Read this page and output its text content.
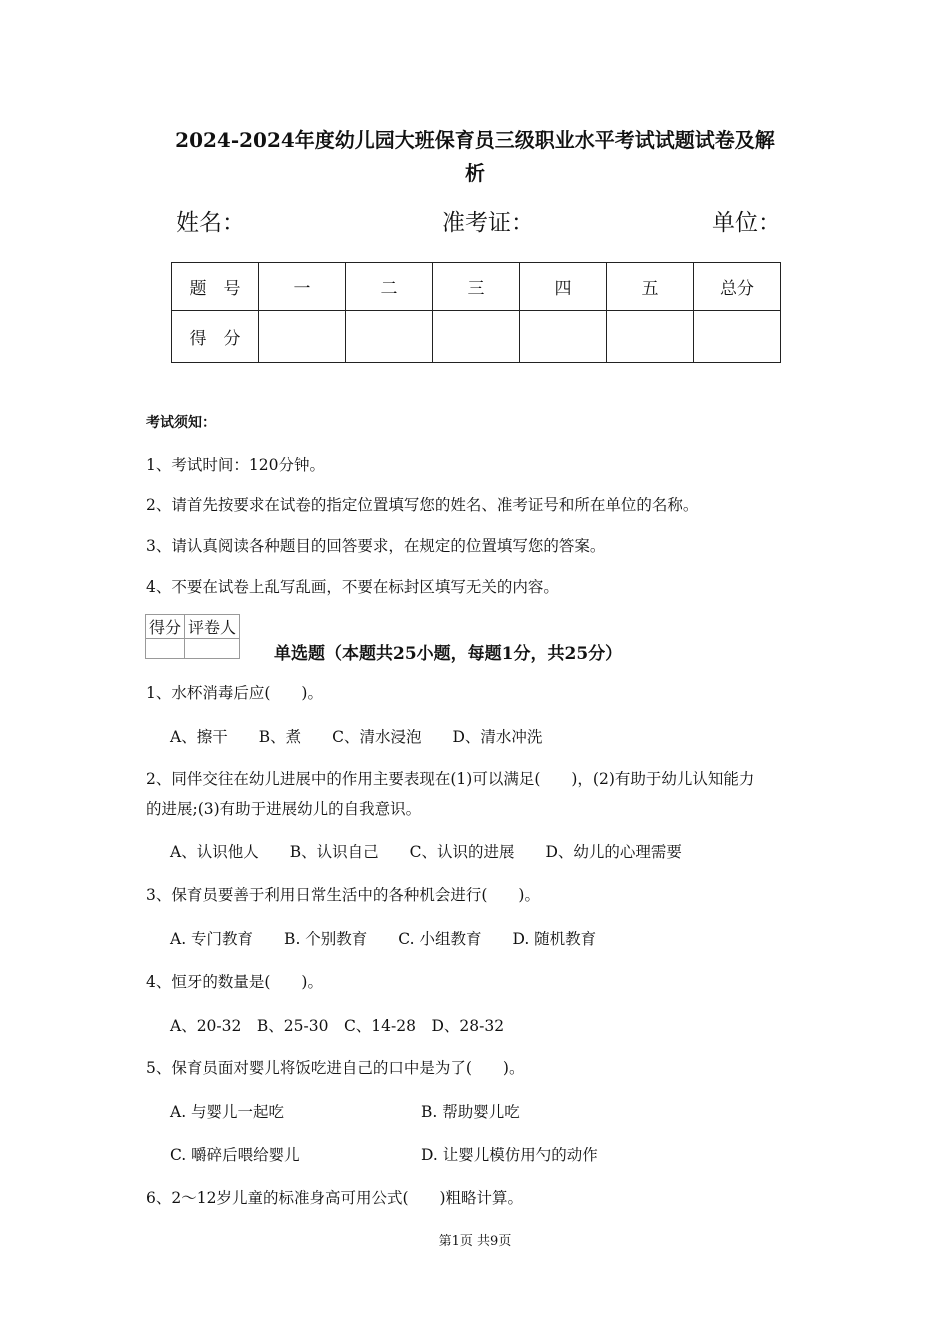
2024-2024年度幼儿园大班保育员三级职业水平考试试题试卷及解
析
姓名：	准考证：	单位：
题　号	一	二	三	四	五	总分
得　分						
考试须知：
1、考试时间：120分钟。
2、请首先按要求在试卷的指定位置填写您的姓名、准考证号和所在单位的名称。
3、请认真阅读各种题目的回答要求，在规定的位置填写您的答案。
4、不要在试卷上乱写乱画，不要在标封区填写无关的内容。
得分	评卷人

单选题（本题共25小题，每题1分，共25分）
1、水杯消毒后应(　　)。
A、擦干　　B、煮　　C、清水浸泡　　D、清水冲洗
2、同伴交往在幼儿进展中的作用主要表现在(1)可以满足(　　)，(2)有助于幼儿认知能力
的进展;(3)有助于进展幼儿的自我意识。
A、认识他人　　B、认识自己　　C、认识的进展　　D、幼儿的心理需要
3、保育员要善于利用日常生活中的各种机会进行(　　)。
A. 专门教育　　B. 个别教育　　C. 小组教育　　D. 随机教育
4、恒牙的数量是(　　)。
A、20-32　B、25-30　C、14-28　D、28-32
5、保育员面对婴儿将饭吃进自己的口中是为了(　　)。
A. 与婴儿一起吃	B. 帮助婴儿吃
C. 嚼碎后喂给婴儿	D. 让婴儿模仿用勺的动作
6、2～12岁儿童的标准身高可用公式(　　)粗略计算。
第1页 共9页
